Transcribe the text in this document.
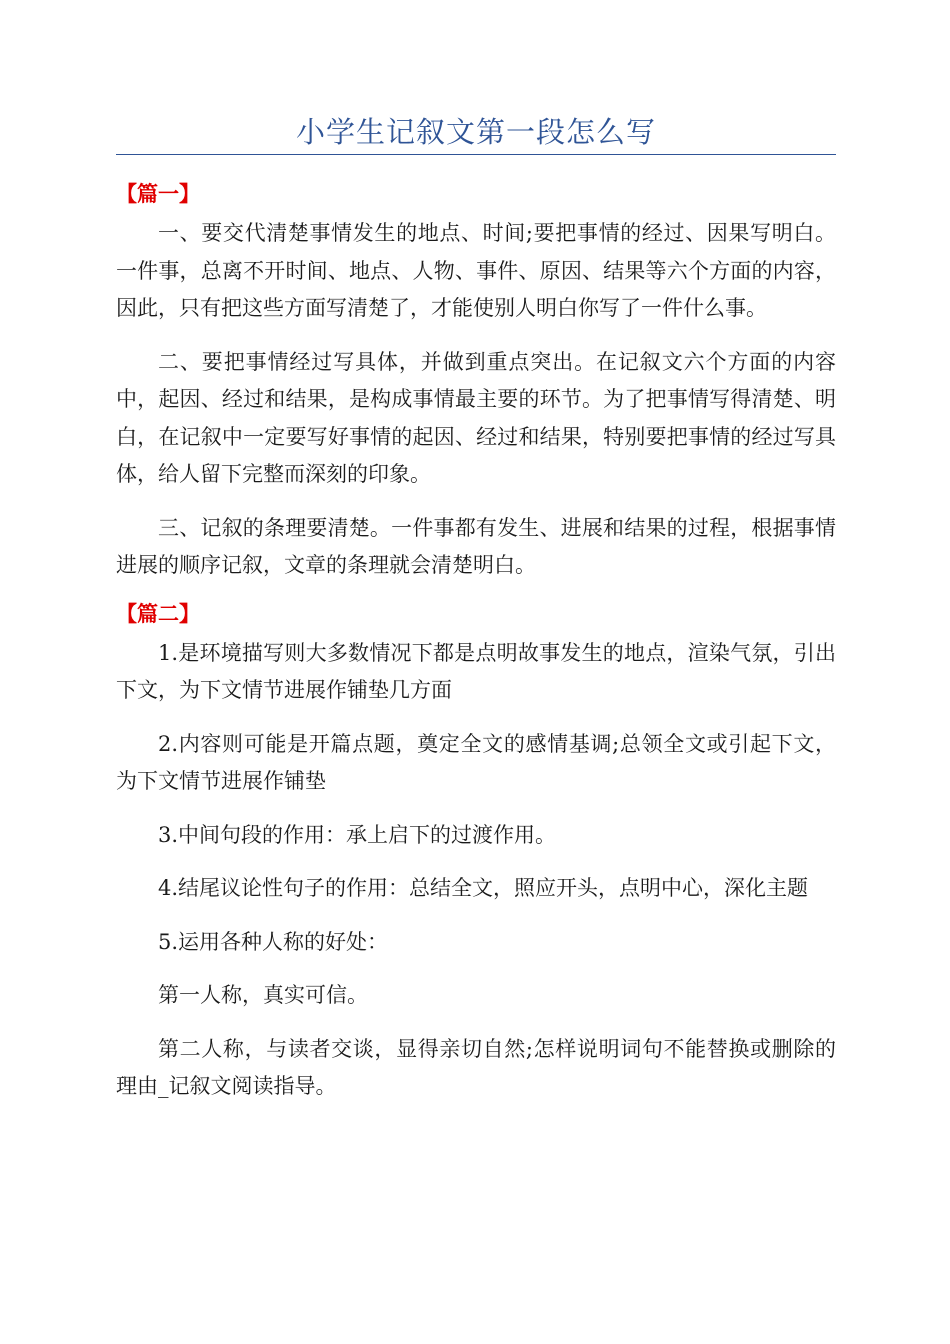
小学生记叙文第一段怎么写

【篇一】

一、要交代清楚事情发生的地点、时间;要把事情的经过、因果写明白。一件事，总离不开时间、地点、人物、事件、原因、结果等六个方面的内容，因此，只有把这些方面写清楚了，才能使别人明白你写了一件什么事。

二、要把事情经过写具体，并做到重点突出。在记叙文六个方面的内容中，起因、经过和结果，是构成事情最主要的环节。为了把事情写得清楚、明白，在记叙中一定要写好事情的起因、经过和结果，特别要把事情的经过写具体，给人留下完整而深刻的印象。

三、记叙的条理要清楚。一件事都有发生、进展和结果的过程，根据事情进展的顺序记叙，文章的条理就会清楚明白。

【篇二】

1.是环境描写则大多数情况下都是点明故事发生的地点，渲染气氛，引出下文，为下文情节进展作铺垫几方面

2.内容则可能是开篇点题，奠定全文的感情基调;总领全文或引起下文，为下文情节进展作铺垫

3.中间句段的作用：承上启下的过渡作用。

4.结尾议论性句子的作用：总结全文，照应开头，点明中心，深化主题

5.运用各种人称的好处：

第一人称，真实可信。

第二人称，与读者交谈，显得亲切自然;怎样说明词句不能替换或删除的理由_记叙文阅读指导。
